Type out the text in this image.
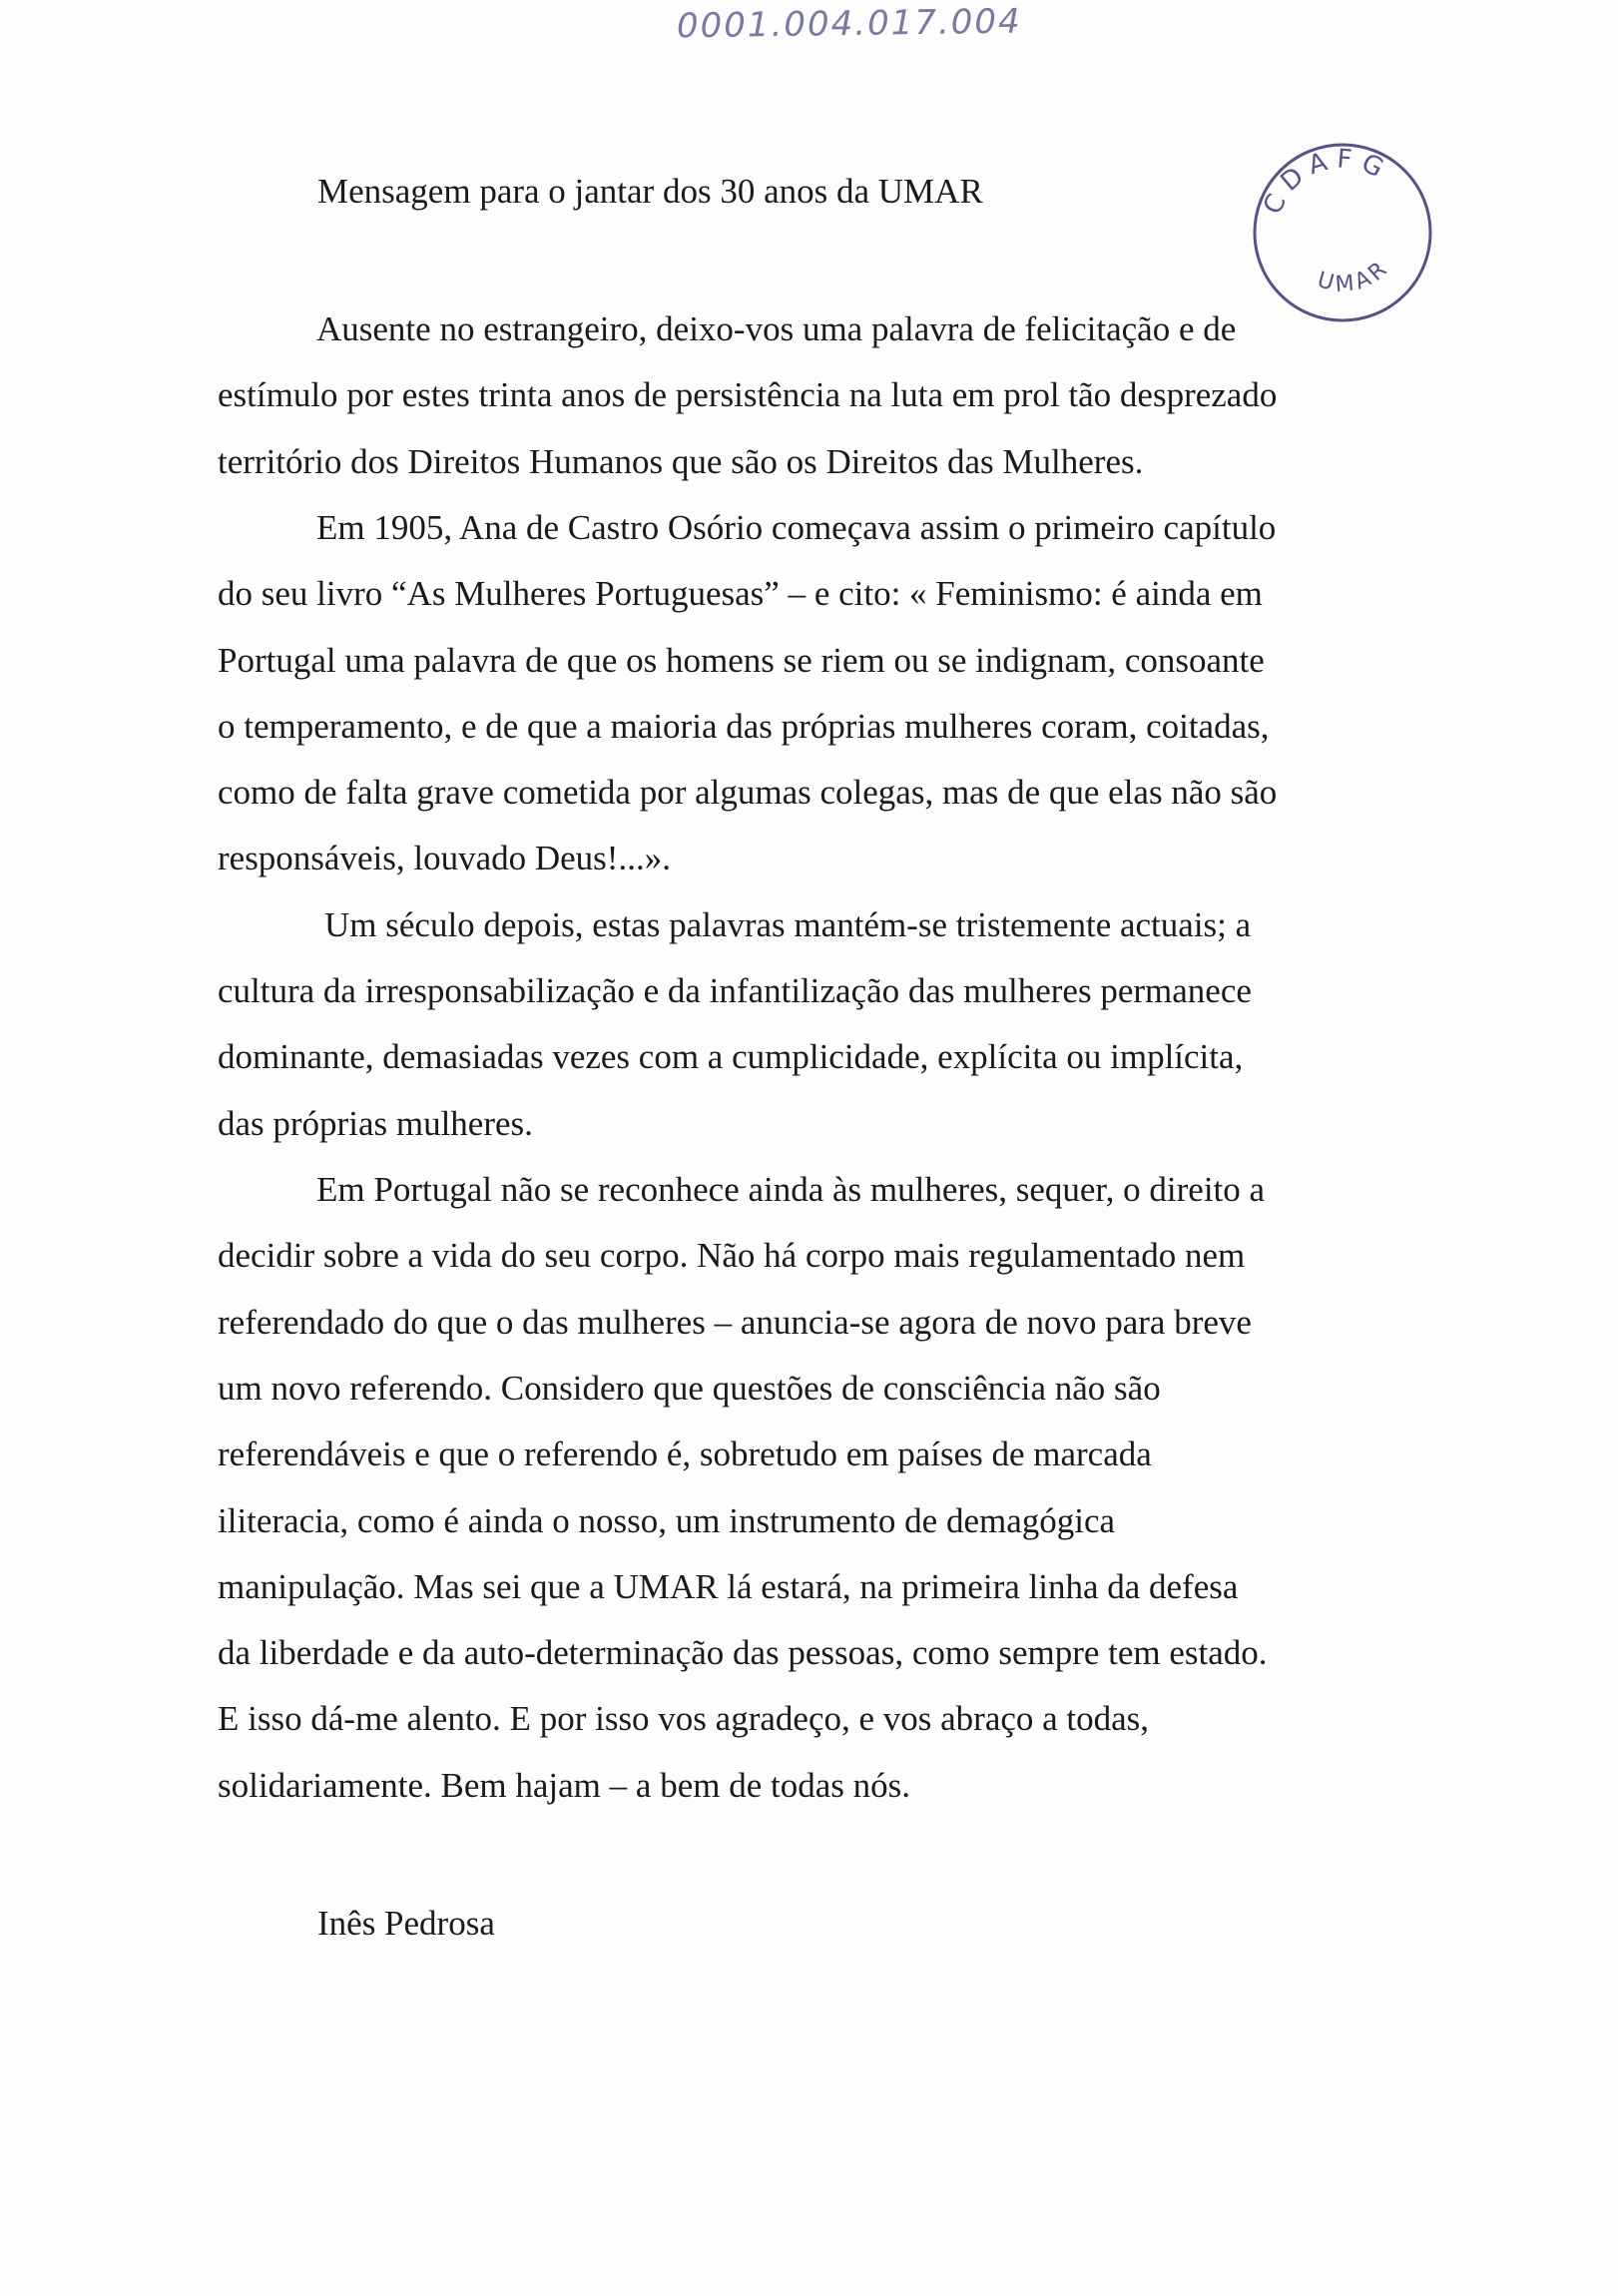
0001.004.017.004
CDAFG
UMAR
Mensagem para o jantar dos 30 anos da UMAR
Ausente no estrangeiro, deixo-vos uma palavra de felicitação e de
estímulo por estes trinta anos de persistência na luta em prol tão desprezado
território dos Direitos Humanos que são os Direitos das Mulheres.
Em 1905, Ana de Castro Osório começava assim o primeiro capítulo
do seu livro “As Mulheres Portuguesas” – e cito: « Feminismo: é ainda em
Portugal uma palavra de que os homens se riem ou se indignam, consoante
o temperamento, e de que a maioria das próprias mulheres coram, coitadas,
como de falta grave cometida por algumas colegas, mas de que elas não são
responsáveis, louvado Deus!...».
Um século depois, estas palavras mantém-se tristemente actuais; a
cultura da irresponsabilização e da infantilização das mulheres permanece
dominante, demasiadas vezes com a cumplicidade, explícita ou implícita,
das próprias mulheres.
Em Portugal não se reconhece ainda às mulheres, sequer, o direito a
decidir sobre a vida do seu corpo. Não há corpo mais regulamentado nem
referendado do que o das mulheres – anuncia-se agora de novo para breve
um novo referendo. Considero que questões de consciência não são
referendáveis e que o referendo é, sobretudo em países de marcada
iliteracia, como é ainda o nosso, um instrumento de demagógica
manipulação. Mas sei que a UMAR lá estará, na primeira linha da defesa
da liberdade e da auto-determinação das pessoas, como sempre tem estado.
E isso dá-me alento. E por isso vos agradeço, e vos abraço a todas,
solidariamente. Bem hajam – a bem de todas nós.
Inês Pedrosa
